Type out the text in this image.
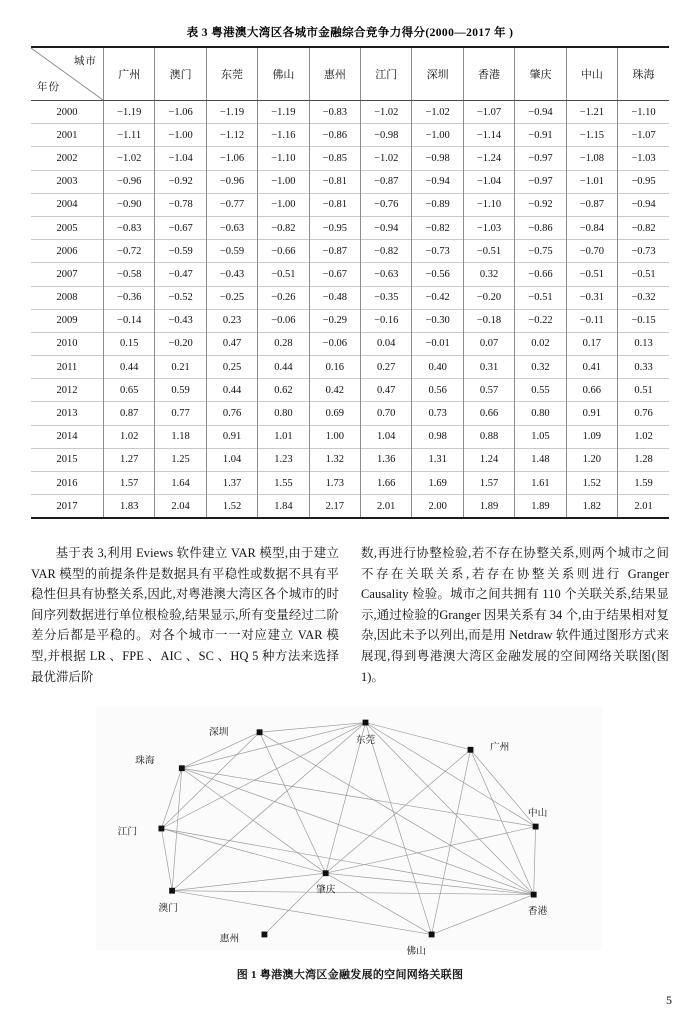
表 3 粤港澳大湾区各城市金融综合竞争力得分(2000—2017 年 )
城市
年份	广州	澳门	东莞	佛山	惠州	江门	深圳	香港	肇庆	中山	珠海
2000	−1.19	−1.06	−1.19	−1.19	−0.83	−1.02	−1.02	−1.07	−0.94	−1.21	−1.10
2001	−1.11	−1.00	−1.12	−1.16	−0.86	−0.98	−1.00	−1.14	−0.91	−1.15	−1.07
2002	−1.02	−1.04	−1.06	−1.10	−0.85	−1.02	−0.98	−1.24	−0.97	−1.08	−1.03
2003	−0.96	−0.92	−0.96	−1.00	−0.81	−0.87	−0.94	−1.04	−0.97	−1.01	−0.95
2004	−0.90	−0.78	−0.77	−1.00	−0.81	−0.76	−0.89	−1.10	−0.92	−0.87	−0.94
2005	−0.83	−0.67	−0.63	−0.82	−0.95	−0.94	−0.82	−1.03	−0.86	−0.84	−0.82
2006	−0.72	−0.59	−0.59	−0.66	−0.87	−0.82	−0.73	−0.51	−0.75	−0.70	−0.73
2007	−0.58	−0.47	−0.43	−0.51	−0.67	−0.63	−0.56	0.32	−0.66	−0.51	−0.51
2008	−0.36	−0.52	−0.25	−0.26	−0.48	−0.35	−0.42	−0.20	−0.51	−0.31	−0.32
2009	−0.14	−0.43	0.23	−0.06	−0.29	−0.16	−0.30	−0.18	−0.22	−0.11	−0.15
2010	0.15	−0.20	0.47	0.28	−0.06	0.04	−0.01	0.07	0.02	0.17	0.13
2011	0.44	0.21	0.25	0.44	0.16	0.27	0.40	0.31	0.32	0.41	0.33
2012	0.65	0.59	0.44	0.62	0.42	0.47	0.56	0.57	0.55	0.66	0.51
2013	0.87	0.77	0.76	0.80	0.69	0.70	0.73	0.66	0.80	0.91	0.76
2014	1.02	1.18	0.91	1.01	1.00	1.04	0.98	0.88	1.05	1.09	1.02
2015	1.27	1.25	1.04	1.23	1.32	1.36	1.31	1.24	1.48	1.20	1.28
2016	1.57	1.64	1.37	1.55	1.73	1.66	1.69	1.57	1.61	1.52	1.59
2017	1.83	2.04	1.52	1.84	2.17	2.01	2.00	1.89	1.89	1.82	2.01

基于表 3,利用 Eviews 软件建立 VAR 模型,由于建立 VAR 模型的前提条件是数据具有平稳性或数据不具有平稳性但具有协整关系,因此,对粤港澳大湾区各个城市的时间序列数据进行单位根检验,结果显示,所有变量经过二阶差分后都是平稳的。对各个城市一一对应建立 VAR 模型,并根据 LR 、FPE 、AIC 、SC 、HQ 5 种方法来选择最优滞后阶

数,再进行协整检验,若不存在协整关系,则两个城市之间不存在关联关系,若存在协整关系则进行 Granger Causality 检验。城市之间共拥有 110 个关联关系,结果显示,通过检验的Granger 因果关系有 34 个,由于结果相对复杂,因此未予以列出,而是用 Netdraw 软件通过图形方式来展现,得到粤港澳大湾区金融发展的空间网络关联图(图 1)。

深圳
东莞
广州
珠海
中山
江门
肇庆
香港
澳门
惠州
佛山
图 1 粤港澳大湾区金融发展的空间网络关联图
5
